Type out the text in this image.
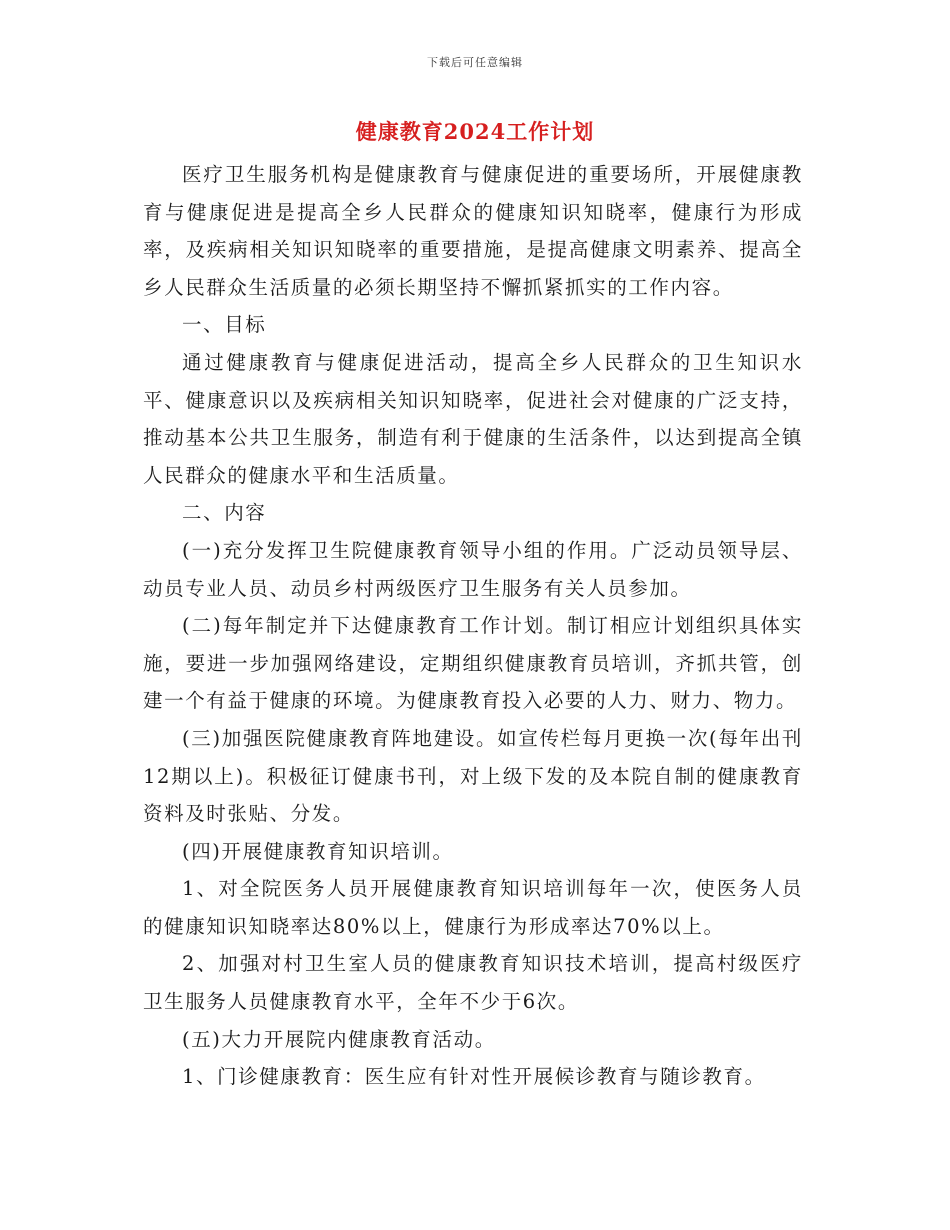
下载后可任意编辑
健康教育2024工作计划

医疗卫生服务机构是健康教育与健康促进的重要场所，开展健康教育与健康促进是提高全乡人民群众的健康知识知晓率，健康行为形成率，及疾病相关知识知晓率的重要措施，是提高健康文明素养、提高全乡人民群众生活质量的必须长期坚持不懈抓紧抓实的工作内容。

一、目标

通过健康教育与健康促进活动，提高全乡人民群众的卫生知识水平、健康意识以及疾病相关知识知晓率，促进社会对健康的广泛支持，推动基本公共卫生服务，制造有利于健康的生活条件，以达到提高全镇人民群众的健康水平和生活质量。

二、内容

(一)充分发挥卫生院健康教育领导小组的作用。广泛动员领导层、动员专业人员、动员乡村两级医疗卫生服务有关人员参加。

(二)每年制定并下达健康教育工作计划。制订相应计划组织具体实施，要进一步加强网络建设，定期组织健康教育员培训，齐抓共管，创建一个有益于健康的环境。为健康教育投入必要的人力、财力、物力。

(三)加强医院健康教育阵地建设。如宣传栏每月更换一次(每年出刊12期以上)。积极征订健康书刊，对上级下发的及本院自制的健康教育资料及时张贴、分发。

(四)开展健康教育知识培训。

1、对全院医务人员开展健康教育知识培训每年一次，使医务人员的健康知识知晓率达80%以上，健康行为形成率达70%以上。

2、加强对村卫生室人员的健康教育知识技术培训，提高村级医疗卫生服务人员健康教育水平，全年不少于6次。

(五)大力开展院内健康教育活动。

1、门诊健康教育：医生应有针对性开展候诊教育与随诊教育。
